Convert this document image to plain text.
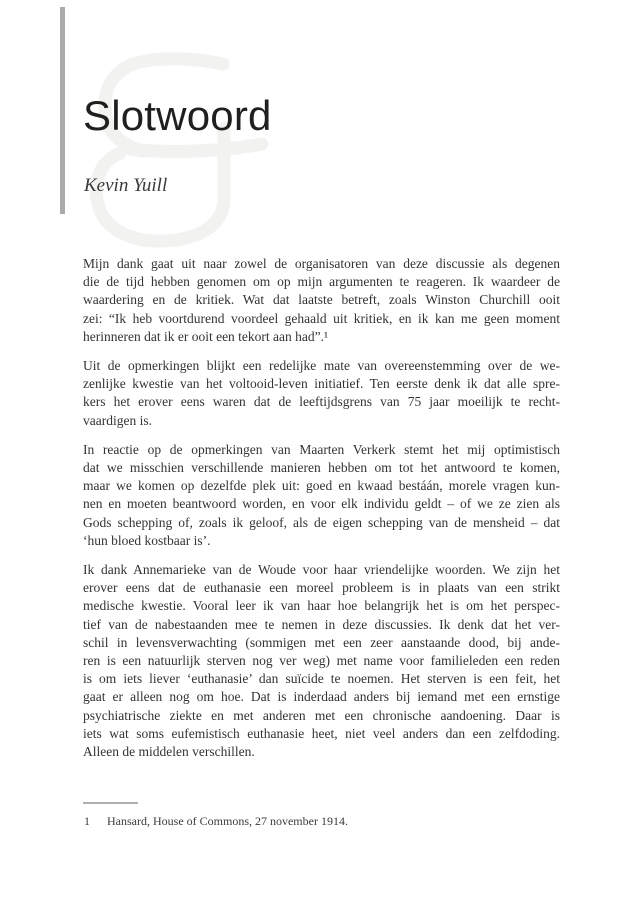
Slotwoord
Kevin Yuill
Mijn dank gaat uit naar zowel de organisatoren van deze discussie als degenen
die de tijd hebben genomen om op mijn argumenten te reageren. Ik waardeer de
waardering en de kritiek. Wat dat laatste betreft, zoals Winston Churchill ooit
zei: “Ik heb voortdurend voordeel gehaald uit kritiek, en ik kan me geen moment
herinneren dat ik er ooit een tekort aan had”.¹
Uit de opmerkingen blijkt een redelijke mate van overeenstemming over de we-
zenlijke kwestie van het voltooid-leven initiatief. Ten eerste denk ik dat alle spre-
kers het erover eens waren dat de leeftijdsgrens van 75 jaar moeilijk te recht-
vaardigen is.
In reactie op de opmerkingen van Maarten Verkerk stemt het mij optimistisch
dat we misschien verschillende manieren hebben om tot het antwoord te komen,
maar we komen op dezelfde plek uit: goed en kwaad bestáán, morele vragen kun-
nen en moeten beantwoord worden, en voor elk individu geldt – of we ze zien als
Gods schepping of, zoals ik geloof, als de eigen schepping van de mensheid – dat
‘hun bloed kostbaar is’.
Ik dank Annemarieke van de Woude voor haar vriendelijke woorden. We zijn het
erover eens dat de euthanasie een moreel probleem is in plaats van een strikt
medische kwestie. Vooral leer ik van haar hoe belangrijk het is om het perspec-
tief van de nabestaanden mee te nemen in deze discussies. Ik denk dat het ver-
schil in levensverwachting (sommigen met een zeer aanstaande dood, bij ande-
ren is een natuurlijk sterven nog ver weg) met name voor familieleden een reden
is om iets liever ‘euthanasie’ dan suïcide te noemen. Het sterven is een feit, het
gaat er alleen nog om hoe. Dat is inderdaad anders bij iemand met een ernstige
psychiatrische ziekte en met anderen met een chronische aandoening. Daar is
iets wat soms eufemistisch euthanasie heet, niet veel anders dan een zelfdoding.
Alleen de middelen verschillen.
1	Hansard, House of Commons, 27 november 1914.
